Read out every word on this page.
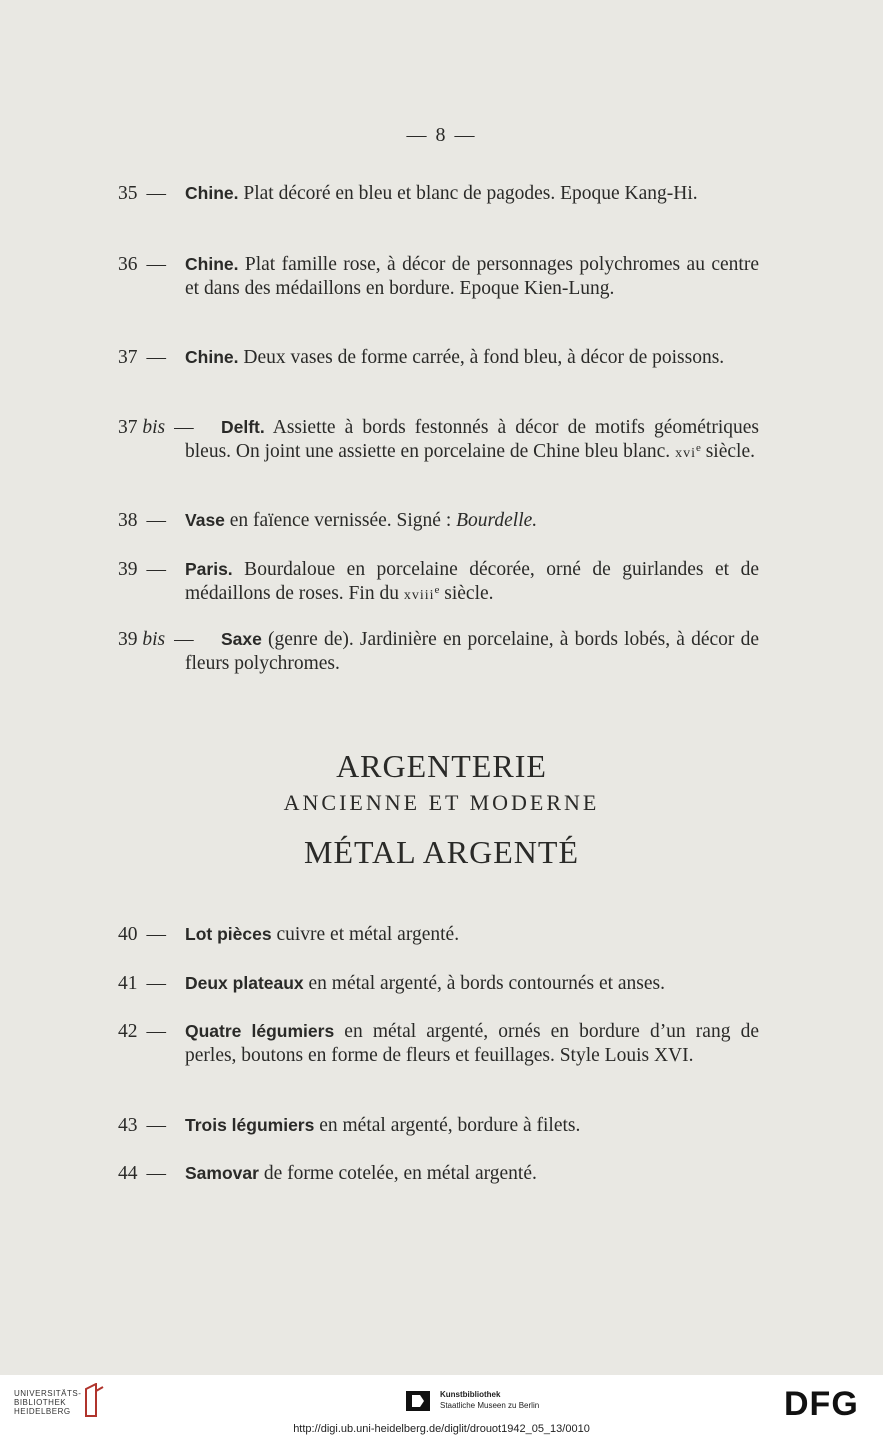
— 8 —
35 —	Chine. Plat décoré en bleu et blanc de pagodes. Epoque Kang-Hi.
36 —	Chine. Plat famille rose, à décor de personnages polychromes au centre et dans des médaillons en bordure. Epoque Kien-Lung.
37 —	Chine. Deux vases de forme carrée, à fond bleu, à décor de poissons.
37 bis —	Delft. Assiette à bords festonnés à décor de motifs géométriques bleus. On joint une assiette en porcelaine de Chine bleu blanc. xvi$^e$ siècle.
38 —	Vase en faïence vernissée. Signé : Bourdelle.
39 —	Paris. Bourdaloue en porcelaine décorée, orné de guirlandes et de médaillons de roses. Fin du xviii$^e$ siècle.
39 bis —	Saxe (genre de). Jardinière en porcelaine, à bords lobés, à décor de fleurs polychromes.
ARGENTERIE
ANCIENNE ET MODERNE
MÉTAL ARGENTÉ
40 —	Lot pièces cuivre et métal argenté.
41 —	Deux plateaux en métal argenté, à bords contournés et anses.
42 —	Quatre légumiers en métal argenté, ornés en bordure d’un rang de perles, boutons en forme de fleurs et feuillages. Style Louis XVI.
43 —	Trois légumiers en métal argenté, bordure à filets.
44 —	Samovar de forme cotelée, en métal argenté.
UNIVERSITÄTS-
BIBLIOTHEK
HEIDELBERG
Kunstbibliothek
Staatliche Museen zu Berlin	DFG
http://digi.ub.uni-heidelberg.de/diglit/drouot1942_05_13/0010
